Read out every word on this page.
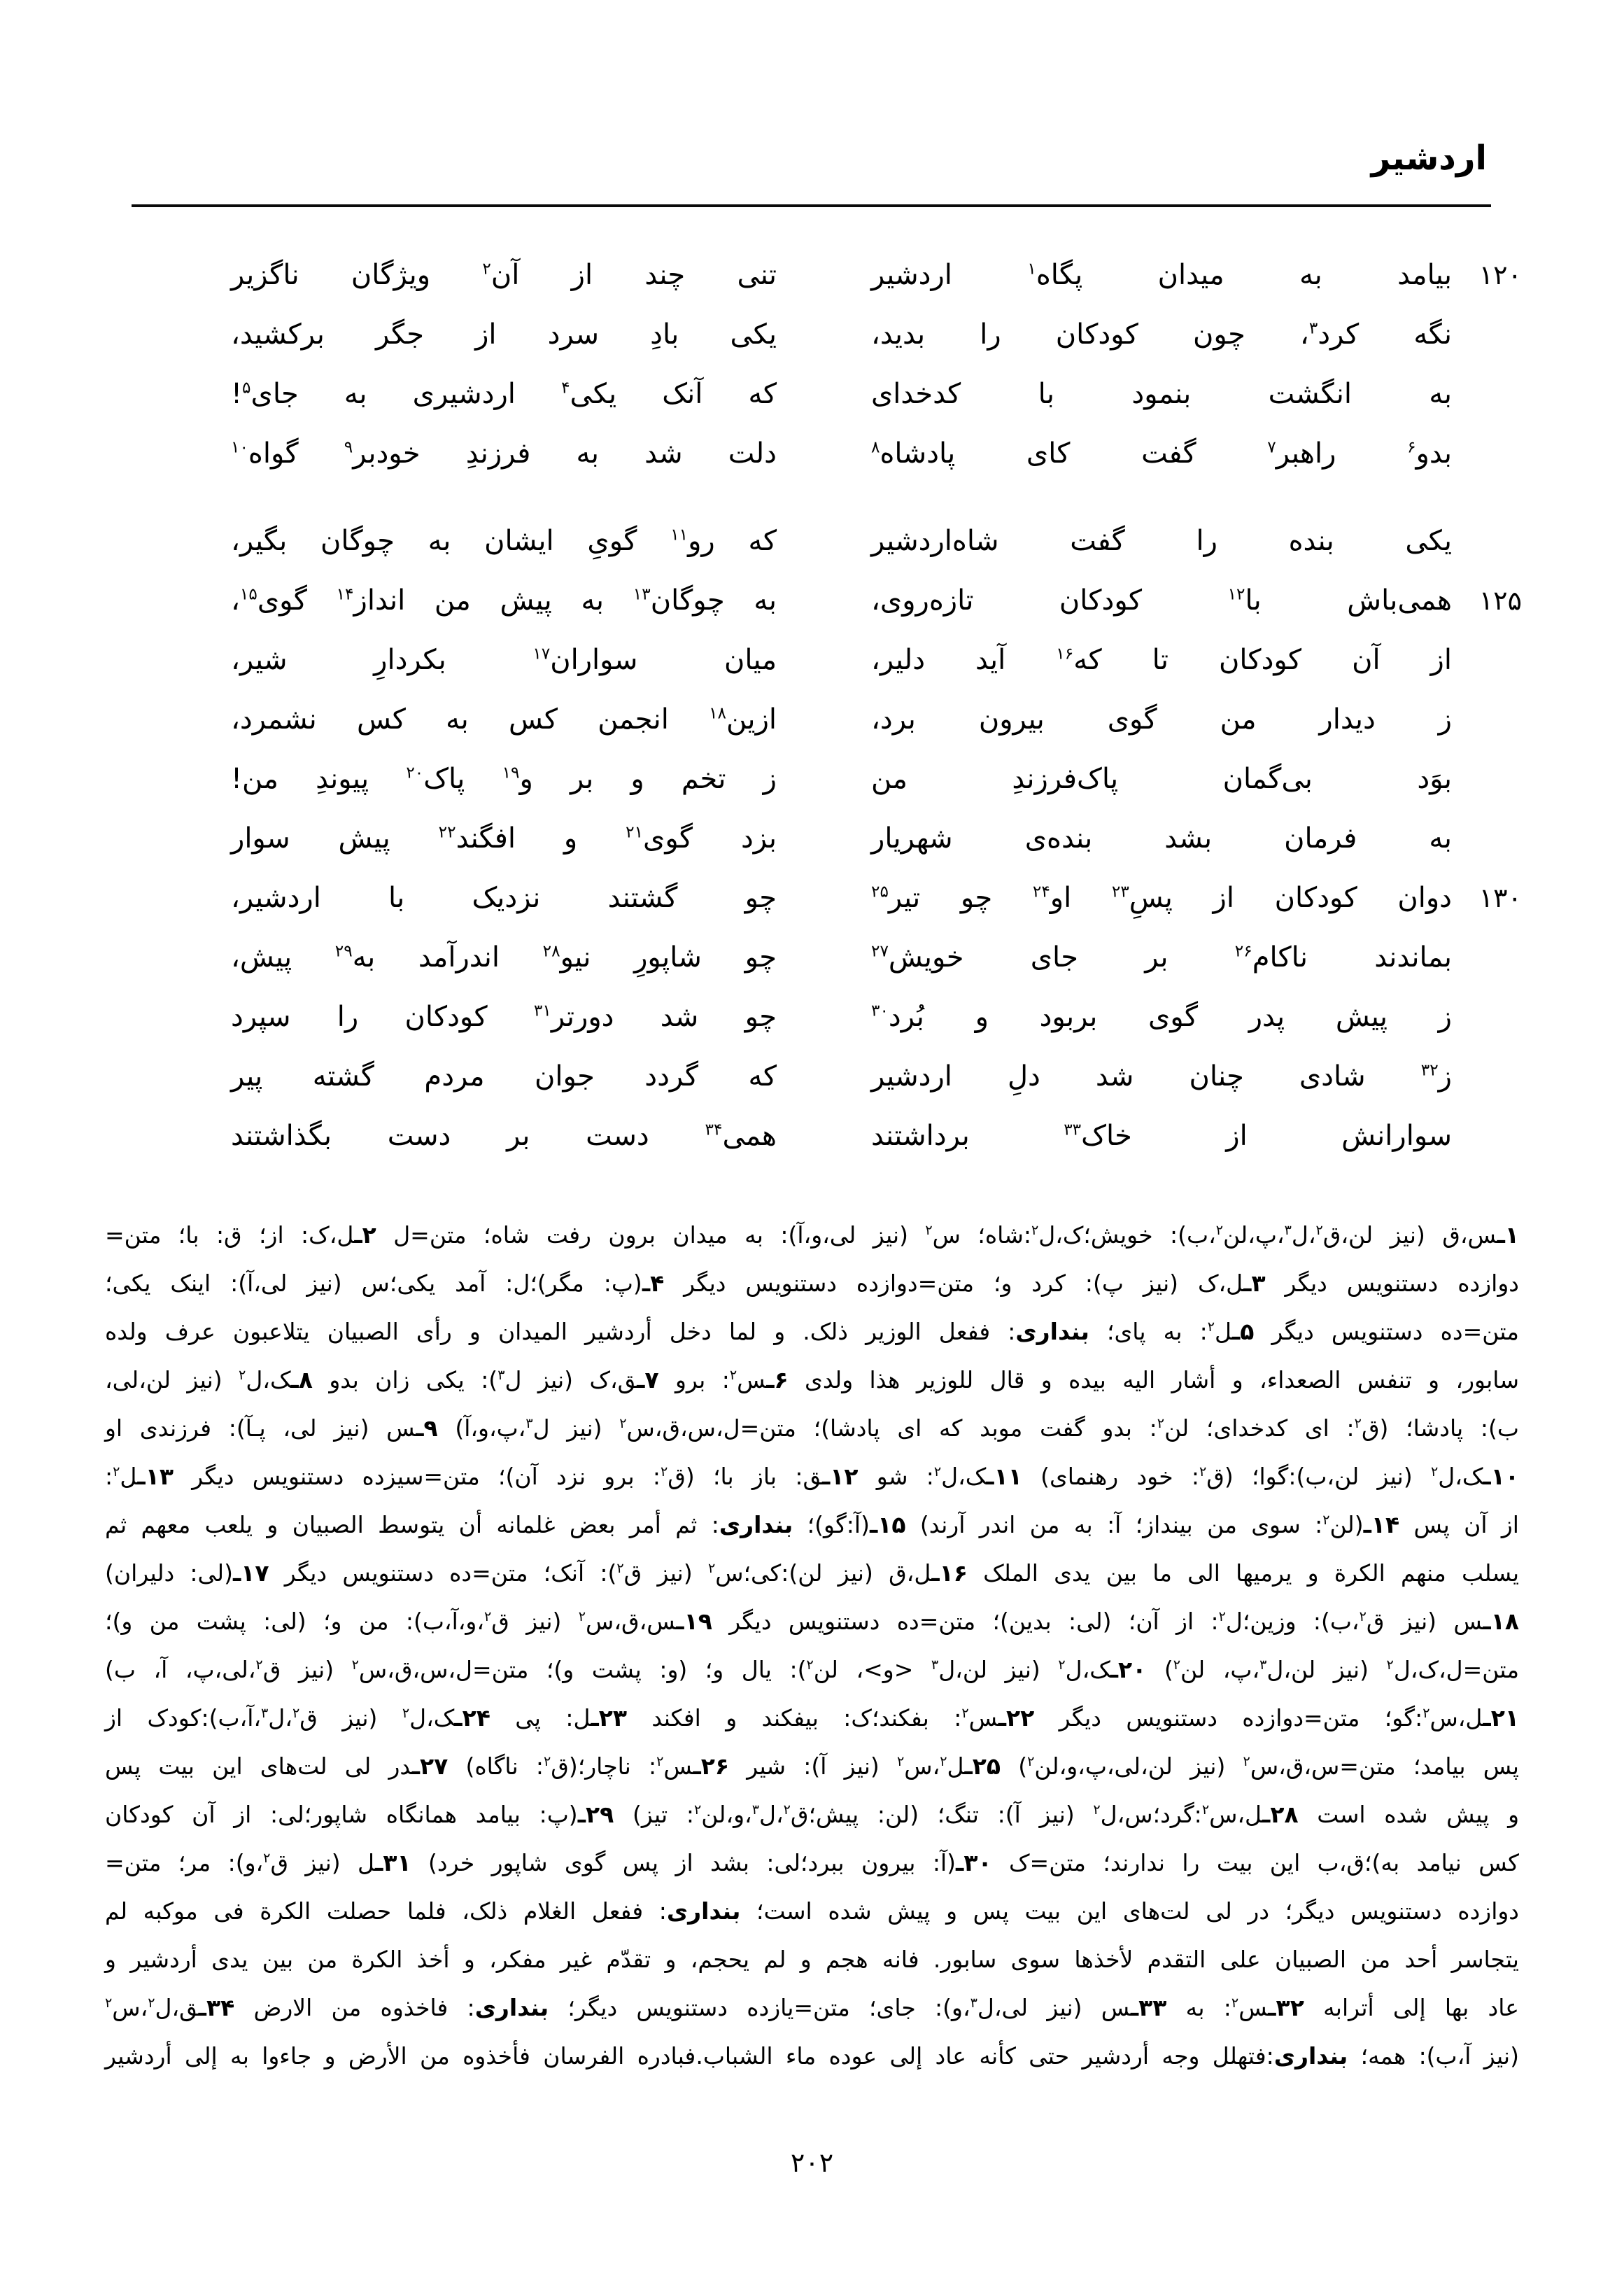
اردشیر
۱۲۰
بیامد به میدان پگاه$^۱$ اردشیر
تنی چند از آن$^۲$ ویژگان ناگزیر
نگه کرد$^۳$، چون کودکان را بدید،
یکی بادِ سرد از جگر برکشید،
به انگشت بنمود با کدخدای
که آنک یکی$^۴$ اردشیری به جای$^۵$!
بدو$^۶$ راهبر$^۷$ گفت کای پادشاه$^۸$
دلت شد به فرزندِ خودبر$^۹$ گواه$^{۱۰}$
یکی بنده را گفت شاه‌اردشیر
که رو$^{۱۱}$ گویِ ایشان به چوگان بگیر،
۱۲۵
همی‌باش با$^{۱۲}$ کودکان تازه‌روی،
به چوگان$^{۱۳}$ به پیش من انداز$^{۱۴}$ گوی$^{۱۵}$،
از آن کودکان تا که$^{۱۶}$ آید دلیر،
میان سواران$^{۱۷}$ بکردارِ شیر،
ز دیدار من گوی بیرون برد،
ازین$^{۱۸}$ انجمن کس به کس نشمرد،
بوَد بی‌گمان پاک‌فرزندِ من
ز تخم و بر و$^{۱۹}$ پاک$^{۲۰}$ پیوندِ من!
به فرمان بشد بنده‌ی شهریار
بزد گوی$^{۲۱}$ و افگند$^{۲۲}$ پیش سوار
۱۳۰
دوان کودکان از پسِ$^{۲۳}$ او$^{۲۴}$ چو تیر$^{۲۵}$
چو گشتند نزدیک با اردشیر،
بماندند ناکام$^{۲۶}$ بر جای خویش$^{۲۷}$
چو شاپورِ نیو$^{۲۸}$ اندرآمد به$^{۲۹}$ پیش،
ز پیش پدر گوی بربود و بُرد$^{۳۰}$
چو شد دورتر$^{۳۱}$ کودکان را سپرد
ز$^{۳۲}$ شادی چنان شد دلِ اردشیر
که گردد جوان مردم گشته پیر
سوارانش از خاک$^{۳۳}$ برداشتند
همی$^{۳۴}$ دست بر دست بگذاشتند
۱ـس،ق (نیز لن،ق$^۲$،ل$^۳$،پ،لن$^۲$،ب): خویش؛ک،ل$^۲$:شاه؛ س$^۲$ (نیز لی،و،آ): به میدان برون رفت شاه؛ متن=ل ۲ـل،ک: از؛ ق: با؛ متن=
دوازده دستنویس دیگر ۳ـل،ک (نیز پ): کرد و؛ متن=دوازده دستنویس دیگر ۴ـ(پ: مگر)؛ل: آمد یکی؛س (نیز لی،آ): اینک یکی؛
متن=ده دستنویس دیگر ۵ـل$^۲$: به پای؛ بنداری: ففعل الوزیر ذلک. و لما دخل أردشیر المیدان و رأی الصبیان یتلاعبون عرف ولده
سابور، و تنفس الصعداء، و أشار الیه بیده و قال للوزیر هذا ولدی ۶ـس$^۲$: برو ۷ـق،ک (نیز ل$^۳$): یکی زان بدو ۸ـک،ل$^۲$ (نیز لن،لی،
ب): پادشا؛ (ق$^۲$: ای کدخدای؛ لن$^۲$: بدو گفت موبد که ای پادشا)؛ متن=ل،س،ق،س$^۲$ (نیز ل$^۳$،پ،و،آ) ۹ـس (نیز لی، پـآ): فرزندی او
۱۰ـک،ل$^۲$ (نیز لن،ب):گوا؛ (ق$^۲$: خود رهنمای) ۱۱ـک،ل$^۲$: شو ۱۲ـق: باز با؛ (ق$^۲$: برو نزد آن)؛ متن=سیزده دستنویس دیگر ۱۳ـل$^۲$:
از آن پس ۱۴ـ(لن$^۲$: سوی من بینداز؛ آ: به من اندر آرند) ۱۵ـ(آ:گو)؛ بنداری: ثم أمر بعض غلمانه أن یتوسط الصبیان و یلعب معهم ثم
یسلب منهم الکرة و یرمیها الی ما بین یدی الملک ۱۶ـل،ق (نیز لن):کی؛س$^۲$ (نیز ق$^۲$): آنک؛ متن=ده دستنویس دیگر ۱۷ـ(لی: دلیران)
۱۸ـس (نیز ق$^۲$،ب): وزین؛ل$^۲$: از آن؛ (لی: بدین)؛ متن=ده دستنویس دیگر ۱۹ـس،ق،س$^۲$ (نیز ق$^۲$،و،آ،ب): من و؛ (لی: پشت من و)؛
متن=ل،ک،ل$^۲$ (نیز لن،ل$^۳$،پ، لن$^۲$) ۲۰ـک،ل$^۲$ (نیز لن،ل$^۳$ <و>، لن$^۲$): یال و؛ (و: پشت و)؛ متن=ل،س،ق،س$^۲$ (نیز ق$^۲$،لی،پ، آ، ب)
۲۱ـل،س$^۲$:گو؛ متن=دوازده دستنویس دیگر ۲۲ـس$^۲$: بفکند؛ک: بیفکند و افکند ۲۳ـل: پی ۲۴ـک،ل$^۲$ (نیز ق$^۲$،ل$^۳$،آ،ب):کودک از
پس بیامد؛ متن=س،ق،س$^۲$ (نیز لن،لی،پ،و،لن$^۲$) ۲۵ـل$^۲$،س$^۲$ (نیز آ): شیر ۲۶ـس$^۲$: ناچار؛(ق$^۲$: ناگاه) ۲۷ـدر لی لت‌های این بیت پس
و پیش شده است ۲۸ـل،س$^۲$:گرد؛س،ل$^۲$ (نیز آ): تنگ؛ (لن: پیش؛ق$^۲$،ل$^۳$،و،لن$^۲$: تیز) ۲۹ـ(پ: بیامد همانگاه شاپور؛لی: از آن کودکان
کس نیامد به)؛ق،ب این بیت را ندارند؛ متن=ک ۳۰ـ(آ: بیرون ببرد؛لی: بشد از پس گوی شاپور خرد) ۳۱ـل (نیز ق$^۲$،و): مر؛ متن=
دوازده دستنویس دیگر؛ در لی لت‌های این بیت پس و پیش شده است؛ بنداری: ففعل الغلام ذلک، فلما حصلت الکرة فی موکبه لم
یتجاسر أحد من الصبیان علی التقدم لأخذها سوی سابور. فانه هجم و لم یحجم، و تقدّم غیر مفکر، و أخذ الکرة من بین یدی أردشیر و
عاد بها إلی أترابه ۳۲ـس$^۲$: به ۳۳ـس (نیز لی،ل$^۳$،و): جای؛ متن=یازده دستنویس دیگر؛ بنداری: فاخذوه من الارض ۳۴ـق،ل$^۲$،س$^۲$
(نیز آ،ب): همه؛ بنداری:فتهلل وجه أردشیر حتی کأنه عاد إلی عوده ماء الشباب.فبادره الفرسان فأخذوه من الأرض و جاءوا به إلی أردشیر
۲۰۲
